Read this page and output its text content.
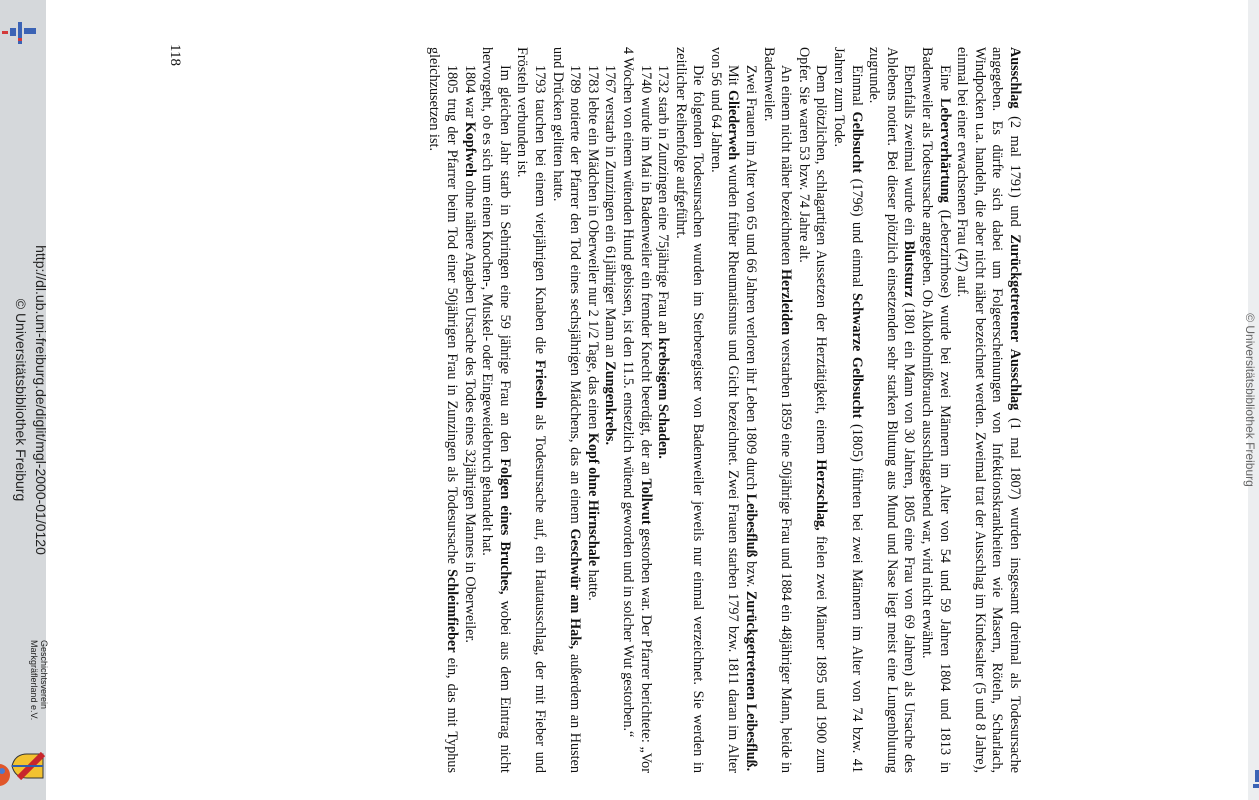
© Universitätsbibliothek Freiburg

Ausschlag (2 mal 1791) und Zurückgetretener Ausschlag (1 mal 1807) wurden insgesamt dreimal als Todesursache angegeben. Es dürfte sich dabei um Folgeerscheinungen von Infektionskrankheiten wie Masern, Röteln, Scharlach, Windpocken u.a. handeln, die aber nicht näher bezeichnet werden. Zweimal trat der Ausschlag im Kindesalter (5 und 8 Jahre), einmal bei einer erwachsenen Frau (47) auf.

Eine Leberverhärtung (Leberzirrhose) wurde bei zwei Männern im Alter von 54 und 59 Jahren 1804 und 1813 in Badenweiler als Todesursache angegeben. Ob Alkoholmißbrauch ausschlaggebend war, wird nicht erwähnt.

Ebenfalls zweimal wurde ein Blutsturz (1801 ein Mann von 30 Jahren, 1805 eine Frau von 69 Jahren) als Ursache des Ablebens notiert. Bei dieser plötzlich einsetzenden sehr starken Blutung aus Mund und Nase liegt meist eine Lungenblutung zugrunde.

Einmal Gelbsucht (1796) und einmal Schwarze Gelbsucht (1805) führten bei zwei Männern im Alter von 74 bzw. 41 Jahren zum Tode.

Dem plötzlichen, schlagartigen Aussetzen der Herztätigkeit, einem Herzschlag, fielen zwei Männer 1895 und 1900 zum Opfer. Sie waren 53 bzw. 74 Jahre alt.

An einem nicht näher bezeichneten Herzleiden verstarben 1859 eine 50jährige Frau und 1884 ein 48jähriger Mann, beide in Badenweiler.

Zwei Frauen im Alter von 65 und 66 Jahren verloren ihr Leben 1809 durch Leibesfluß bzw. Zurückgetretenen Leibesfluß.

Mit Gliederweh wurden früher Rheumatismus und Gicht bezeichnet. Zwei Frauen starben 1797 bzw. 1811 daran im Alter von 56 und 64 Jahren.

Die folgenden Todesursachen wurden im Sterberegister von Badenweiler jeweils nur einmal verzeichnet. Sie werden in zeitlicher Reihenfolge aufgeführt.

1732 starb in Zunzingen eine 75jährige Frau an krebsigem Schaden.

1740 wurde im Mai in Badenweiler ein fremder Knecht beerdigt, der an Tollwut gestorben war. Der Pfarrer berichtete: „Vor 4 Wochen von einem wütenden Hund gebissen, ist den 11.5. entsetzlich wütend geworden und in solcher Wut gestorben.“

1767 verstarb in Zunzingen ein 61jähriger Mann an Zungenkrebs.

1783 lebte ein Mädchen in Oberweiler nur 2 1/2 Tage, das einen Kopf ohne Hirnschale hatte.

1789 notierte der Pfarrer den Tod eines sechsjährigen Mädchens, das an einem Geschwür am Hals, außerdem an Husten und Drücken gelitten hatte.

1793 tauchen bei einem vierjährigen Knaben die Frieseln als Todesursache auf, ein Hautausschlag, der mit Fieber und Frösteln verbunden ist.

Im gleichen Jahr starb in Sehringen eine 59 jährige Frau an den Folgen eines Bruches, wobei aus dem Eintrag nicht hervorgeht, ob es sich um einen Knochen-, Muskel- oder Eingeweidebruch gehandelt hat.

1804 war Kopfweh ohne nähere Angaben Ursache des Todes eines 32jährigen Mannes in Oberweiler.

1805 trug der Pfarrer beim Tod einer 50jährigen Frau in Zunzingen als Todesursache Schleimfieber ein, das mit Typhus gleichzusetzen ist.

118
http://dl.ub.uni-freiburg.de/diglit/mgl-2000-01/0120
© Universitätsbibliothek Freiburg
Geschichtsverein
Markgräflerland e.V.
